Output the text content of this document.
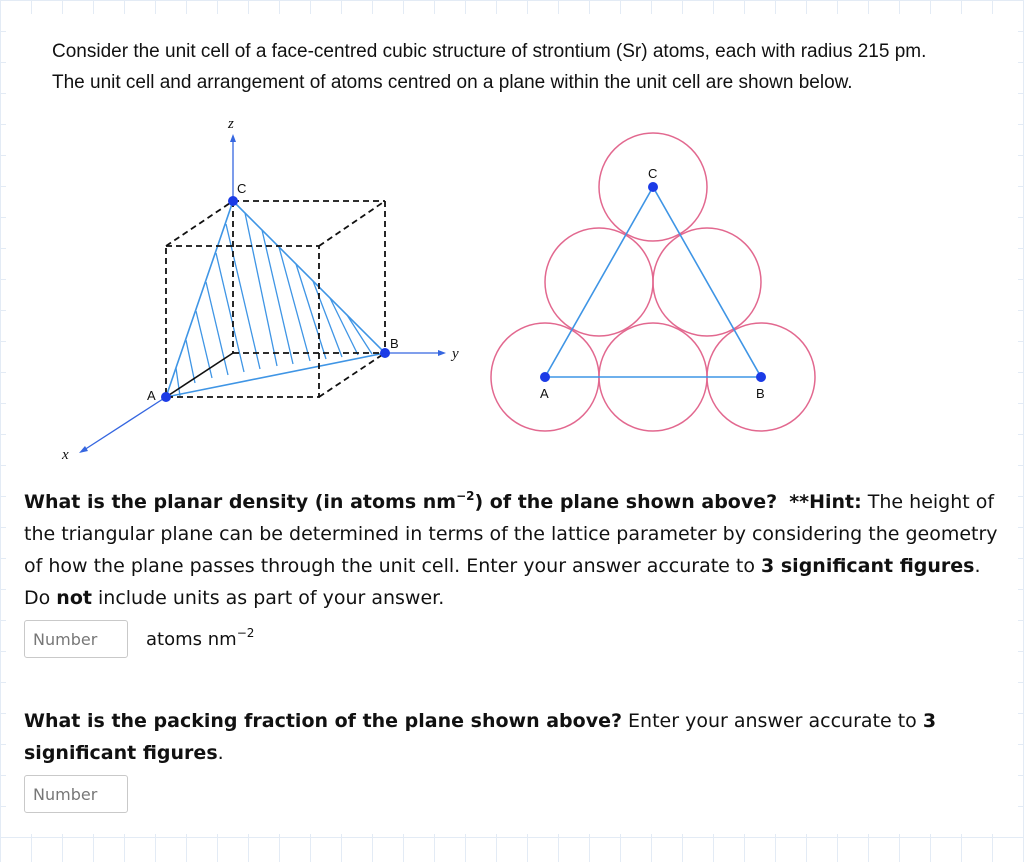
Consider the unit cell of a face-centred cubic structure of strontium (Sr) atoms, each with radius 215 pm.

The unit cell and arrangement of atoms centred on a plane within the unit cell are shown below.

z
y
x
A
B
C
A	B
C
What is the planar density (in atoms $nm^{-2}$) of the plane shown above? **Hint: The height of the triangular plane can be determined in terms of the lattice parameter by considering the geometry of how the plane passes through the unit cell. Enter your answer accurate to 3 significant figures. Do not include units as part of your answer.
Number
atoms $nm^{-2}$
What is the packing fraction of the plane shown above? Enter your answer accurate to 3 significant figures.
Number
